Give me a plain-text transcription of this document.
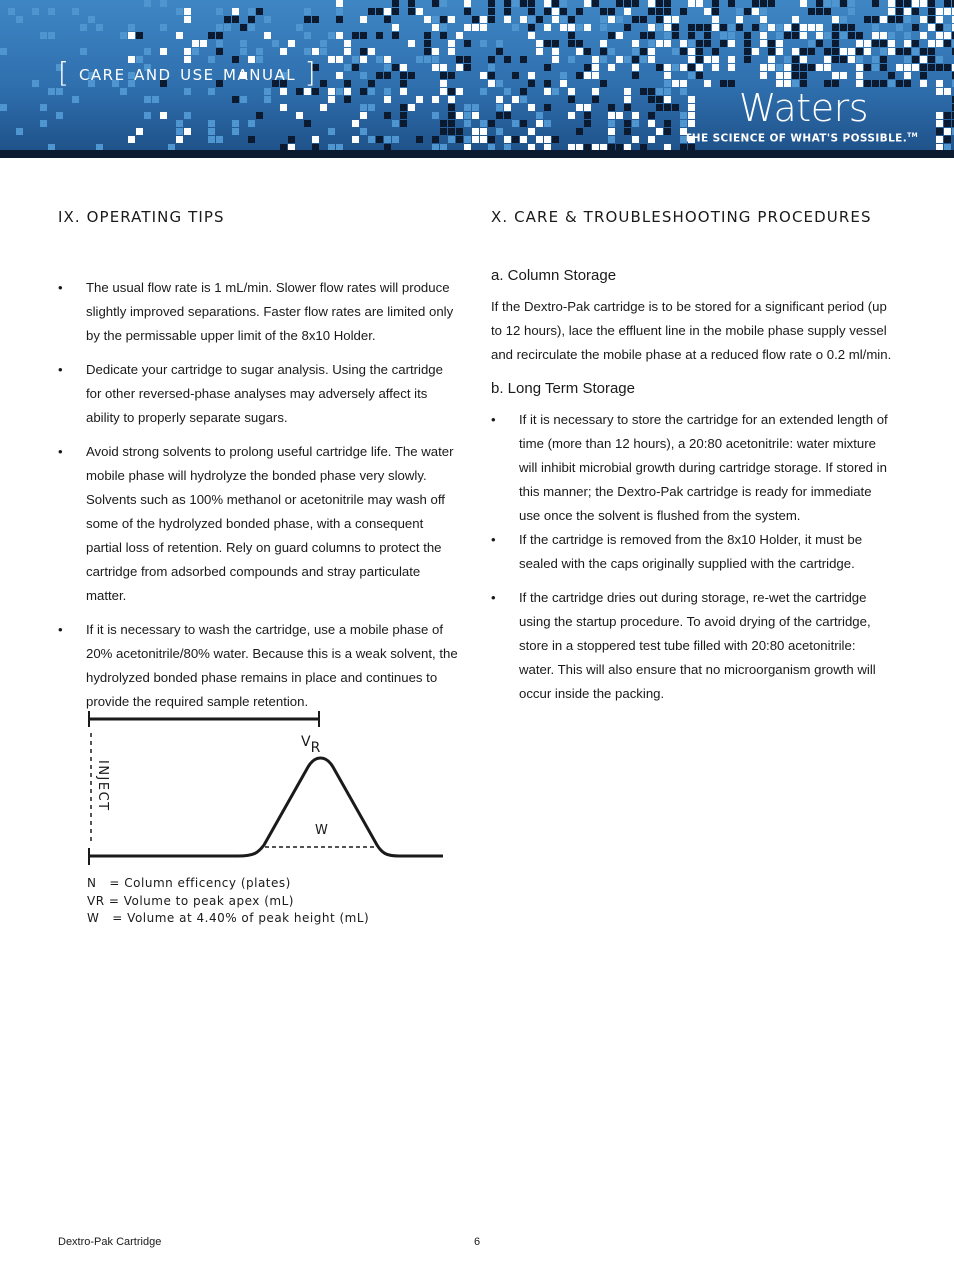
[ care and use manual ]
Waters
THE SCIENCE OF WHAT'S POSSIBLE.™
IX. OPERATING TIPS
• The usual flow rate is 1 mL/min. Slower flow rates will produce slightly improved separations. Faster flow rates are limited only by the permissable upper limit of the 8x10 Holder.
• Dedicate your cartridge to sugar analysis. Using the cartridge for other reversed-phase analyses may adversely affect its ability to properly separate sugars.
• Avoid strong solvents to prolong useful cartridge life. The water mobile phase will hydrolyze the bonded phase very slowly. Solvents such as 100% methanol or acetonitrile may wash off some of the hydrolyzed bonded phase, with a consequent partial loss of retention. Rely on guard columns to protect the cartridge from adsorbed compounds and stray particulate matter.
• If it is necessary to wash the cartridge, use a mobile phase of 20% acetonitrile/80% water. Because this is a weak solvent, the hydrolyzed bonded phase remains in place and continues to provide the required sample retention.
INJECT
VR
W
N   = Column efficency (plates)
VR = Volume to peak apex (mL)
W   = Volume at 4.40% of peak height (mL)
X. CARE & TROUBLESHOOTING PROCEDURES
a. Column Storage

If the Dextro-Pak cartridge is to be stored for a significant period (up to 12 hours), lace the effluent line in the mobile phase supply vessel and recirculate the mobile phase at a reduced flow rate o 0.2 ml/min.

b. Long Term Storage
• If it is necessary to store the cartridge for an extended length of time (more than 12 hours), a 20:80 acetonitrile: water mixture will inhibit microbial growth during cartridge storage. If stored in this manner; the Dextro-Pak cartridge is ready for immediate use once the solvent is flushed from the system.
• If the cartridge is removed from the 8x10 Holder, it must be sealed with the caps originally supplied with the cartridge.
• If the cartridge dries out during storage, re-wet the cartridge using the startup procedure. To avoid drying of the cartridge, store in a stoppered test tube filled with 20:80 acetonitrile: water. This will also ensure that no microorganism growth will occur inside the packing.
Dextro-Pak Cartridge	6
